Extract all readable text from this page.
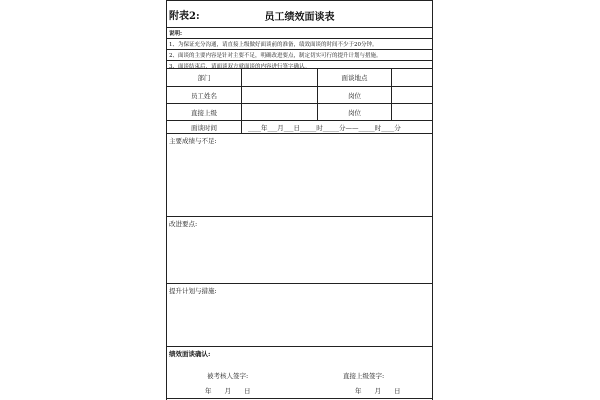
附表2:	员工绩效面谈表
说明:
1、为保证充分沟通，请直接上级做好面谈前的准备，绩效面谈的时间不少于20分钟。
2、面谈的主要内容是针对主要不足，明确改进要点，制定切实可行的提升计划与措施。
3、面谈结束后，请面谈双方就面谈的内容进行签字确认。
部门	面谈地点
员工姓名	岗位
直接上级	岗位
面谈时间	____年___月___日_____时_____分——_____时____分
主要成绩与不足:
改进要点:
提升计划与措施:
绩效面谈确认:
被考核人签字:	直接上级签字:
年　　月　　日	年　　月　　日
